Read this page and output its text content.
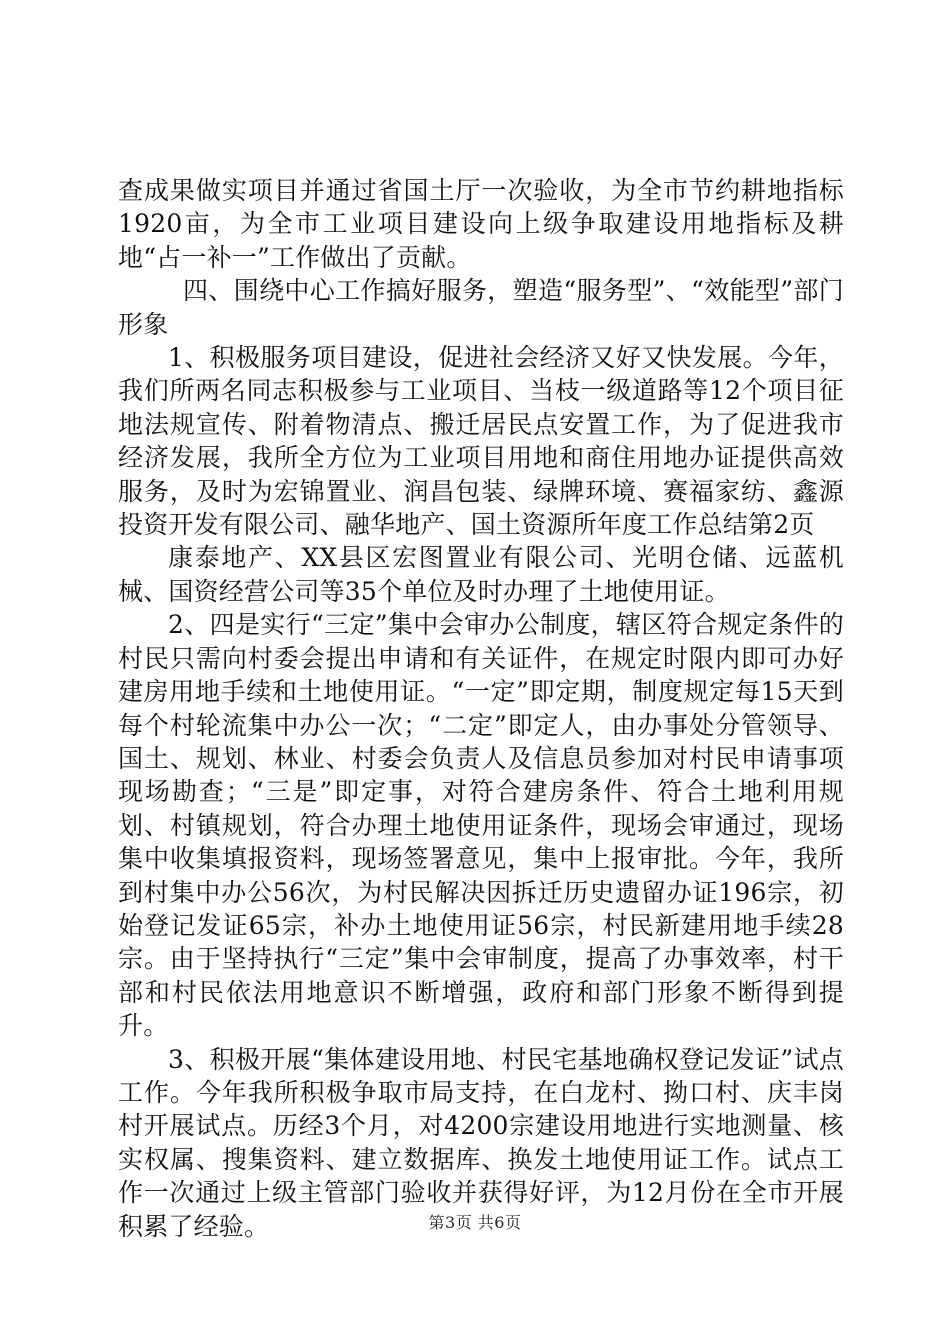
查成果做实项目并通过省国土厅一次验收，为全市节约耕地指标1920亩，为全市工业项目建设向上级争取建设用地指标及耕地“占一补一”工作做出了贡献。

四、围绕中心工作搞好服务，塑造“服务型”、“效能型”部门形象

1、积极服务项目建设，促进社会经济又好又快发展。今年，我们所两名同志积极参与工业项目、当枝一级道路等12个项目征地法规宣传、附着物清点、搬迁居民点安置工作，为了促进我市经济发展，我所全方位为工业项目用地和商住用地办证提供高效服务，及时为宏锦置业、润昌包装、绿牌环境、赛福家纺、鑫源投资开发有限公司、融华地产、国土资源所年度工作总结第2页

康泰地产、XX县区宏图置业有限公司、光明仓储、远蓝机械、国资经营公司等35个单位及时办理了土地使用证。

2、四是实行“三定”集中会审办公制度，辖区符合规定条件的村民只需向村委会提出申请和有关证件，在规定时限内即可办好建房用地手续和土地使用证。“一定”即定期，制度规定每15天到每个村轮流集中办公一次；“二定”即定人，由办事处分管领导、国土、规划、林业、村委会负责人及信息员参加对村民申请事项现场勘查；“三是”即定事，对符合建房条件、符合土地利用规划、村镇规划，符合办理土地使用证条件，现场会审通过，现场集中收集填报资料，现场签署意见，集中上报审批。今年，我所到村集中办公56次，为村民解决因拆迁历史遗留办证196宗，初始登记发证65宗，补办土地使用证56宗，村民新建用地手续28宗。由于坚持执行“三定”集中会审制度，提高了办事效率，村干部和村民依法用地意识不断增强，政府和部门形象不断得到提升。

3、积极开展“集体建设用地、村民宅基地确权登记发证”试点工作。今年我所积极争取市局支持，在白龙村、拗口村、庆丰岗村开展试点。历经3个月，对4200宗建设用地进行实地测量、核实权属、搜集资料、建立数据库、换发土地使用证工作。试点工作一次通过上级主管部门验收并获得好评，为12月份在全市开展积累了经验。	第3页 共6页
